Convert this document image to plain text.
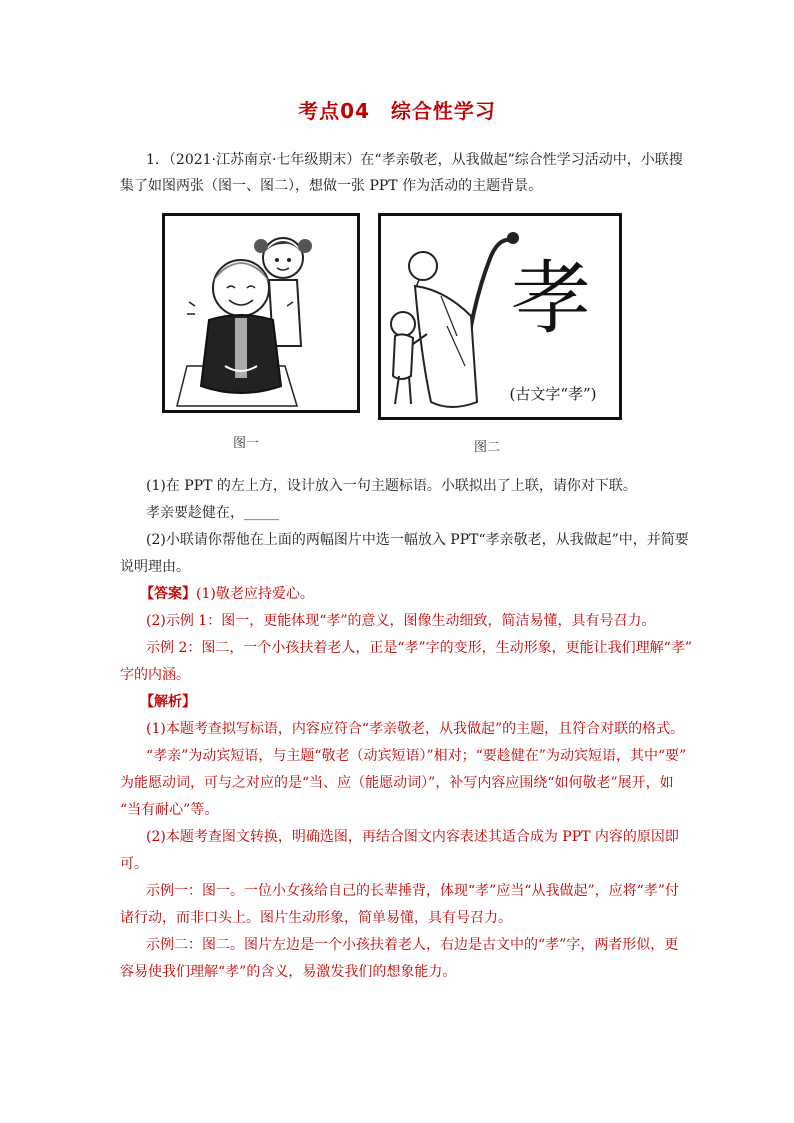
考点04　综合性学习

1．（2021·江苏南京·七年级期末）在“孝亲敬老，从我做起”综合性学习活动中，小联搜

集了如图两张（图一、图二），想做一张 PPT 作为活动的主题背景。

图一
孝
(古文字“孝”)
图二

(1)在 PPT 的左上方，设计放入一句主题标语。小联拟出了上联，请你对下联。

孝亲要趁健在，_____

(2)小联请你帮他在上面的两幅图片中选一幅放入 PPT“孝亲敬老，从我做起”中，并简要

说明理由。

【答案】(1)敬老应持爱心。

(2)示例 1：图一，更能体现“孝”的意义，图像生动细致，简洁易懂，具有号召力。

示例 2：图二，一个小孩扶着老人，正是“孝”字的变形，生动形象，更能让我们理解“孝”

字的内涵。

【解析】

(1)本题考查拟写标语，内容应符合“孝亲敬老，从我做起”的主题，且符合对联的格式。

“孝亲”为动宾短语，与主题“敬老（动宾短语）”相对；“要趁健在”为动宾短语，其中“要”

为能愿动词，可与之对应的是“当、应（能愿动词）”，补写内容应围绕“如何敬老”展开，如

“当有耐心”等。

(2)本题考查图文转换，明确选图，再结合图文内容表述其适合成为 PPT 内容的原因即

可。

示例一：图一。一位小女孩给自己的长辈捶背，体现“孝”应当“从我做起”，应将“孝”付

诸行动，而非口头上。图片生动形象，简单易懂，具有号召力。

示例二：图二。图片左边是一个小孩扶着老人，右边是古文中的“孝”字，两者形似，更

容易使我们理解“孝”的含义，易激发我们的想象能力。
